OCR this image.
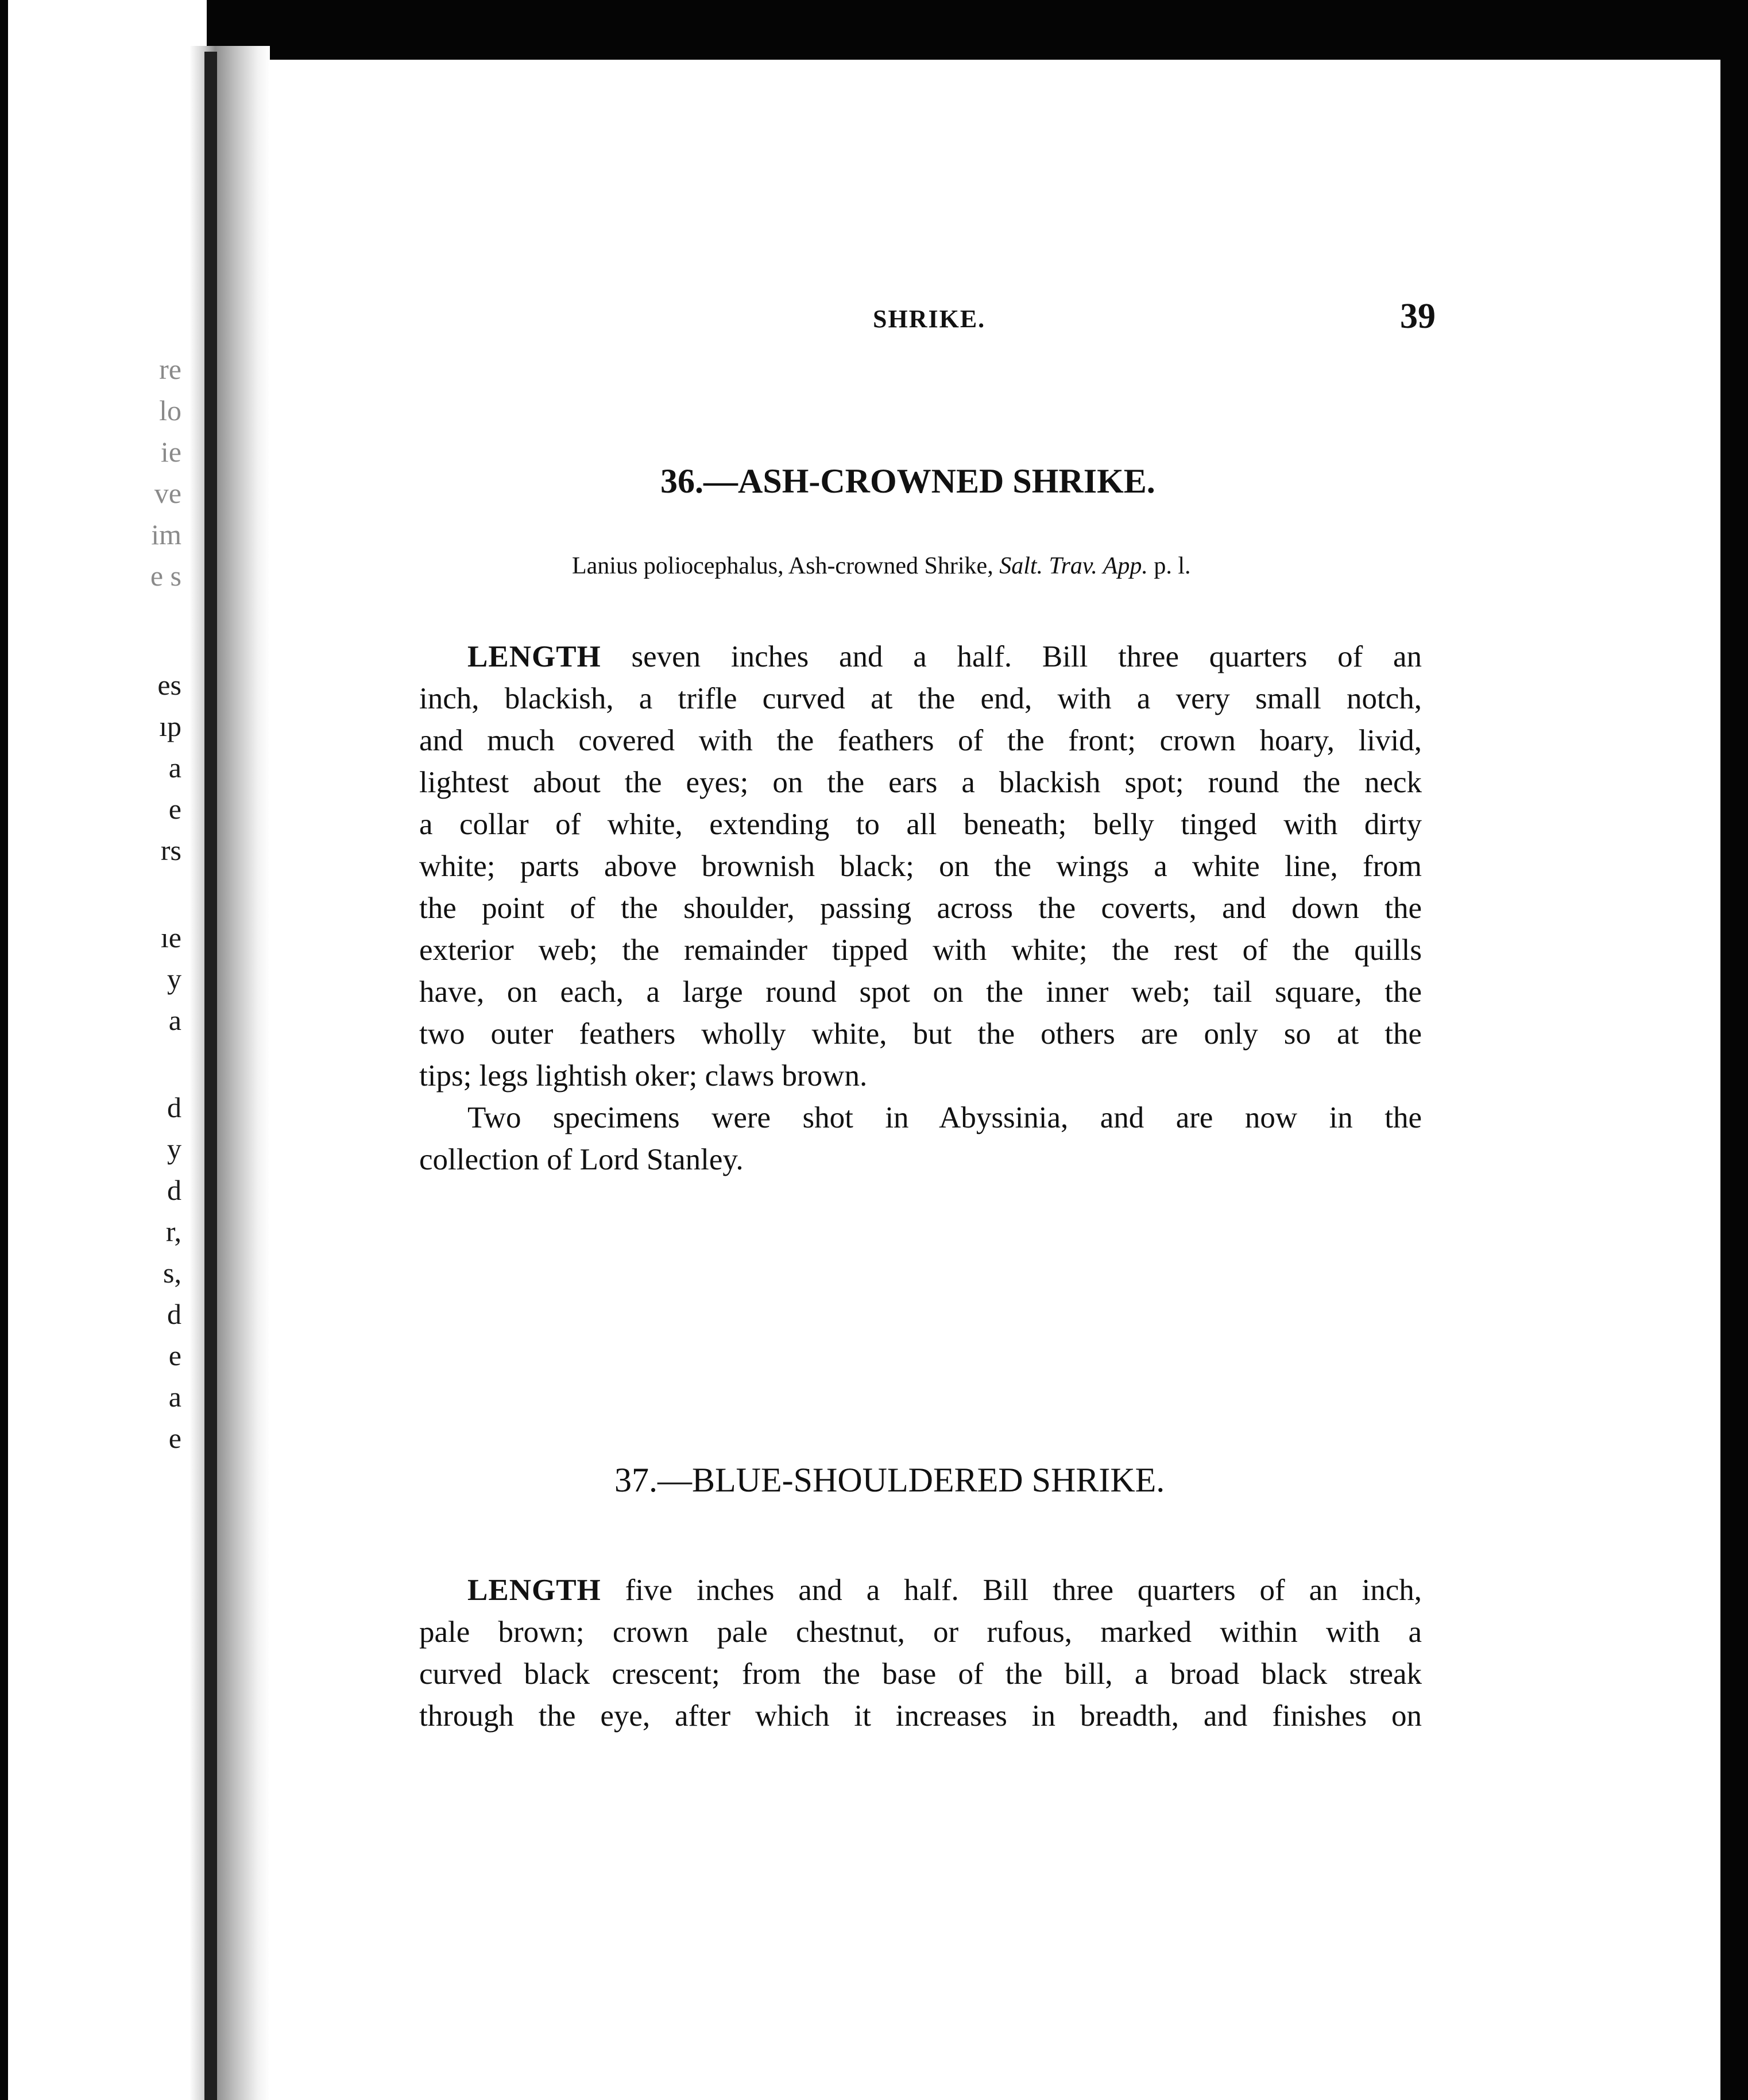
re
lo
ie
ve
im
e s
es
ıp
a
e
rs
ıe
y
a
d
y
d
r,
s,
d
e
a
e
SHRIKE.	39
36.—ASH-CROWNED SHRIKE.
Lanius poliocephalus, Ash-crowned Shrike, Salt. Trav. App. p. l.
LENGTH seven inches and a half. Bill three quarters of an
inch, blackish, a trifle curved at the end, with a very small notch,
and much covered with the feathers of the front; crown hoary, livid,
lightest about the eyes; on the ears a blackish spot; round the neck
a collar of white, extending to all beneath; belly tinged with dirty
white; parts above brownish black; on the wings a white line, from
the point of the shoulder, passing across the coverts, and down the
exterior web; the remainder tipped with white; the rest of the quills
have, on each, a large round spot on the inner web; tail square, the
two outer feathers wholly white, but the others are only so at the
tips; legs lightish oker; claws brown.
Two specimens were shot in Abyssinia, and are now in the
collection of Lord Stanley.
37.—BLUE-SHOULDERED SHRIKE.
LENGTH five inches and a half. Bill three quarters of an inch,
pale brown; crown pale chestnut, or rufous, marked within with a
curved black crescent; from the base of the bill, a broad black streak
through the eye, after which it increases in breadth, and finishes on
